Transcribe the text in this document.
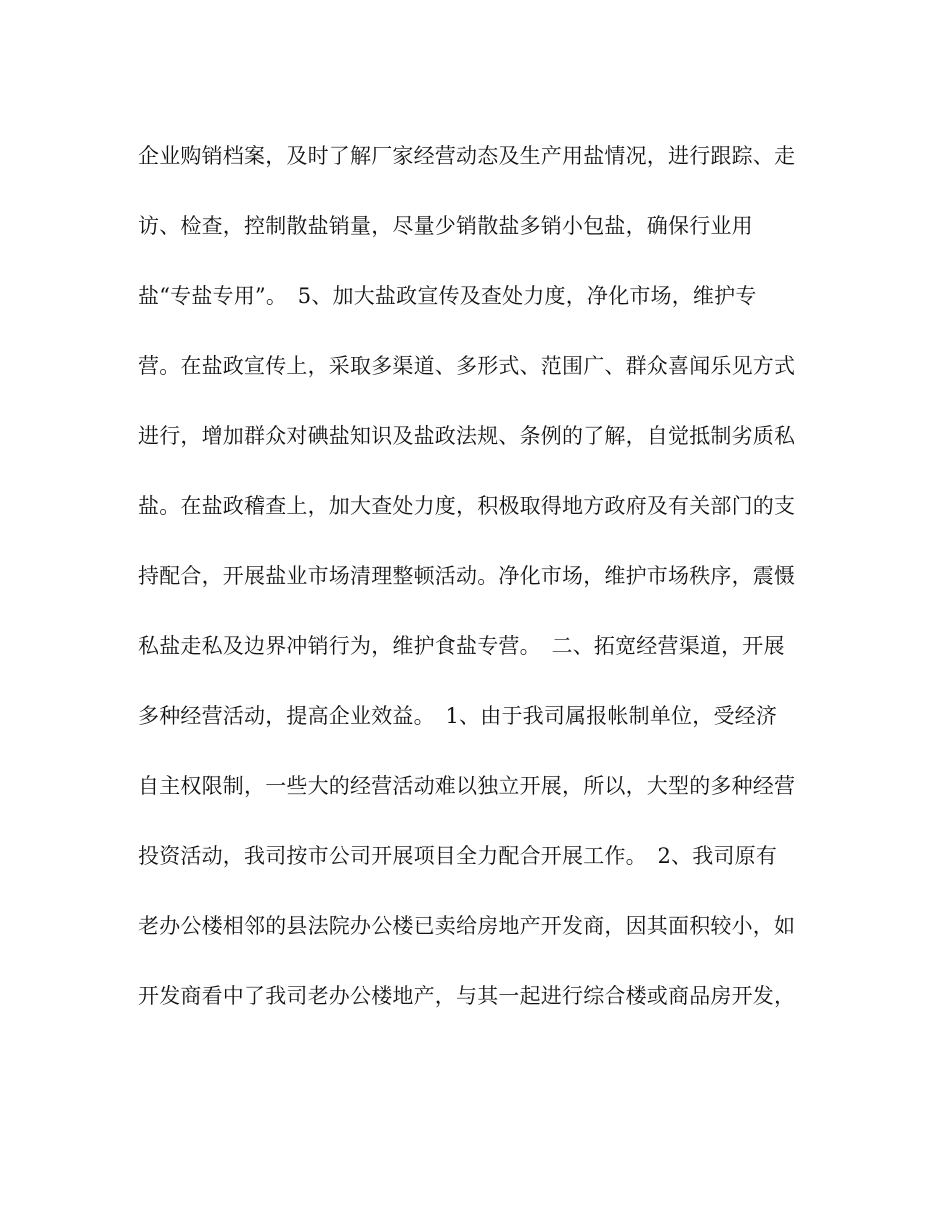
企业购销档案，及时了解厂家经营动态及生产用盐情况，进行跟踪、走
访、检查，控制散盐销量，尽量少销散盐多销小包盐，确保行业用
盐“专盐专用”。　5、加大盐政宣传及查处力度，净化市场，维护专
营。在盐政宣传上，采取多渠道、多形式、范围广、群众喜闻乐见方式
进行，增加群众对碘盐知识及盐政法规、条例的了解，自觉抵制劣质私
盐。在盐政稽查上，加大查处力度，积极取得地方政府及有关部门的支
持配合，开展盐业市场清理整顿活动。净化市场，维护市场秩序，震慑
私盐走私及边界冲销行为，维护食盐专营。　二、拓宽经营渠道，开展
多种经营活动，提高企业效益。　1、由于我司属报帐制单位，受经济
自主权限制，一些大的经营活动难以独立开展，所以，大型的多种经营
投资活动，我司按市公司开展项目全力配合开展工作。　2、我司原有
老办公楼相邻的县法院办公楼已卖给房地产开发商，因其面积较小，如
开发商看中了我司老办公楼地产，与其一起进行综合楼或商品房开发，
